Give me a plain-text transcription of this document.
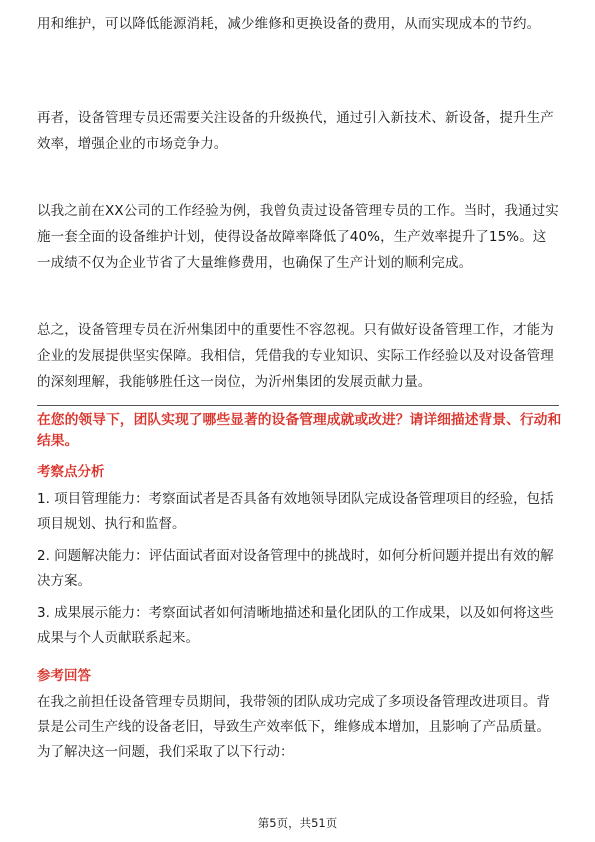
用和维护，可以降低能源消耗，减少维修和更换设备的费用，从而实现成本的节约。

再者，设备管理专员还需要关注设备的升级换代，通过引入新技术、新设备，提升生产效率，增强企业的市场竞争力。

以我之前在XX公司的工作经验为例，我曾负责过设备管理专员的工作。当时，我通过实施一套全面的设备维护计划，使得设备故障率降低了40%，生产效率提升了15%。这一成绩不仅为企业节省了大量维修费用，也确保了生产计划的顺利完成。

总之，设备管理专员在沂州集团中的重要性不容忽视。只有做好设备管理工作，才能为企业的发展提供坚实保障。我相信，凭借我的专业知识、实际工作经验以及对设备管理的深刻理解，我能够胜任这一岗位，为沂州集团的发展贡献力量。

在您的领导下，团队实现了哪些显著的设备管理成就或改进？请详细描述背景、行动和结果。

考察点分析

1. 项目管理能力：考察面试者是否具备有效地领导团队完成设备管理项目的经验，包括项目规划、执行和监督。

2. 问题解决能力：评估面试者面对设备管理中的挑战时，如何分析问题并提出有效的解决方案。

3. 成果展示能力：考察面试者如何清晰地描述和量化团队的工作成果，以及如何将这些成果与个人贡献联系起来。

参考回答

在我之前担任设备管理专员期间，我带领的团队成功完成了多项设备管理改进项目。背景是公司生产线的设备老旧，导致生产效率低下，维修成本增加，且影响了产品质量。为了解决这一问题，我们采取了以下行动：

第5页，共51页
